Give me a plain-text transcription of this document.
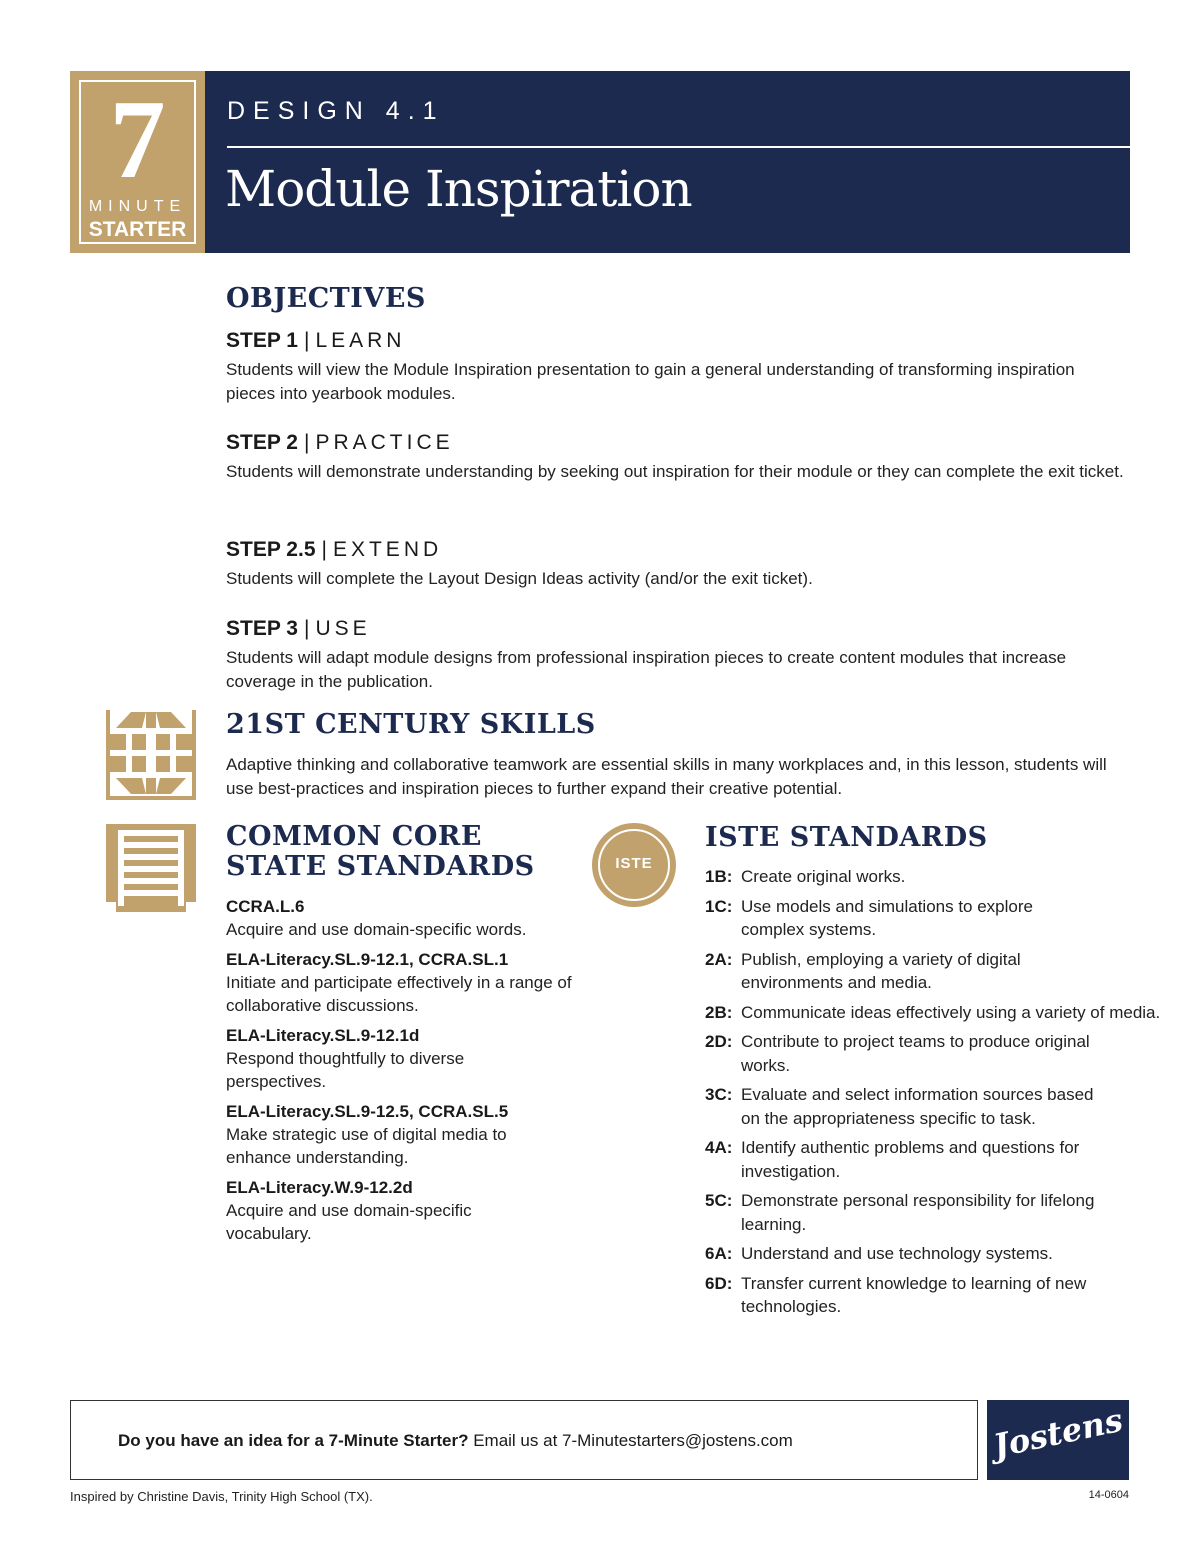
7
MINUTE
STARTER
DESIGN 4.1
Module Inspiration
OBJECTIVES
STEP 1 | LEARN
Students will view the Module Inspiration presentation to gain a general understanding of transforming inspiration pieces into yearbook modules.
STEP 2 | PRACTICE
Students will demonstrate understanding by seeking out inspiration for their module or they can complete the exit ticket.
STEP 2.5 | EXTEND
Students will complete the Layout Design Ideas activity (and/or the exit ticket).
STEP 3 | USE
Students will adapt module designs from professional inspiration pieces to create content modules that increase coverage in the publication.
21ST CENTURY SKILLS
Adaptive thinking and collaborative teamwork are essential skills in many workplaces and, in this lesson, students will use best-practices and inspiration pieces to further expand their creative potential.
COMMON CORE
STATE STANDARDS
CCRA.L.6
Acquire and use domain-specific words.
ELA-Literacy.SL.9-12.1, CCRA.SL.1
Initiate and participate effectively in a range of collaborative discussions.
ELA-Literacy.SL.9-12.1d
Respond thoughtfully to diverse perspectives.
ELA-Literacy.SL.9-12.5, CCRA.SL.5
Make strategic use of digital media to enhance understanding.
ELA-Literacy.W.9-12.2d
Acquire and use domain-specific vocabulary.
ISTE
ISTE STANDARDS
1B: Create original works.
1C: Use models and simulations to explore complex systems.
2A: Publish, employing a variety of digital environments and media.
2B: Communicate ideas effectively using a variety of media.
2D: Contribute to project teams to produce original works.
3C: Evaluate and select information sources based on the appropriateness specific to task.
4A: Identify authentic problems and questions for investigation.
5C: Demonstrate personal responsibility for lifelong learning.
6A: Understand and use technology systems.
6D: Transfer current knowledge to learning of new technologies.
Do you have an idea for a 7-Minute Starter? Email us at 7-Minutestarters@jostens.com	Jostens
Inspired by Christine Davis, Trinity High School (TX).	14-0604
